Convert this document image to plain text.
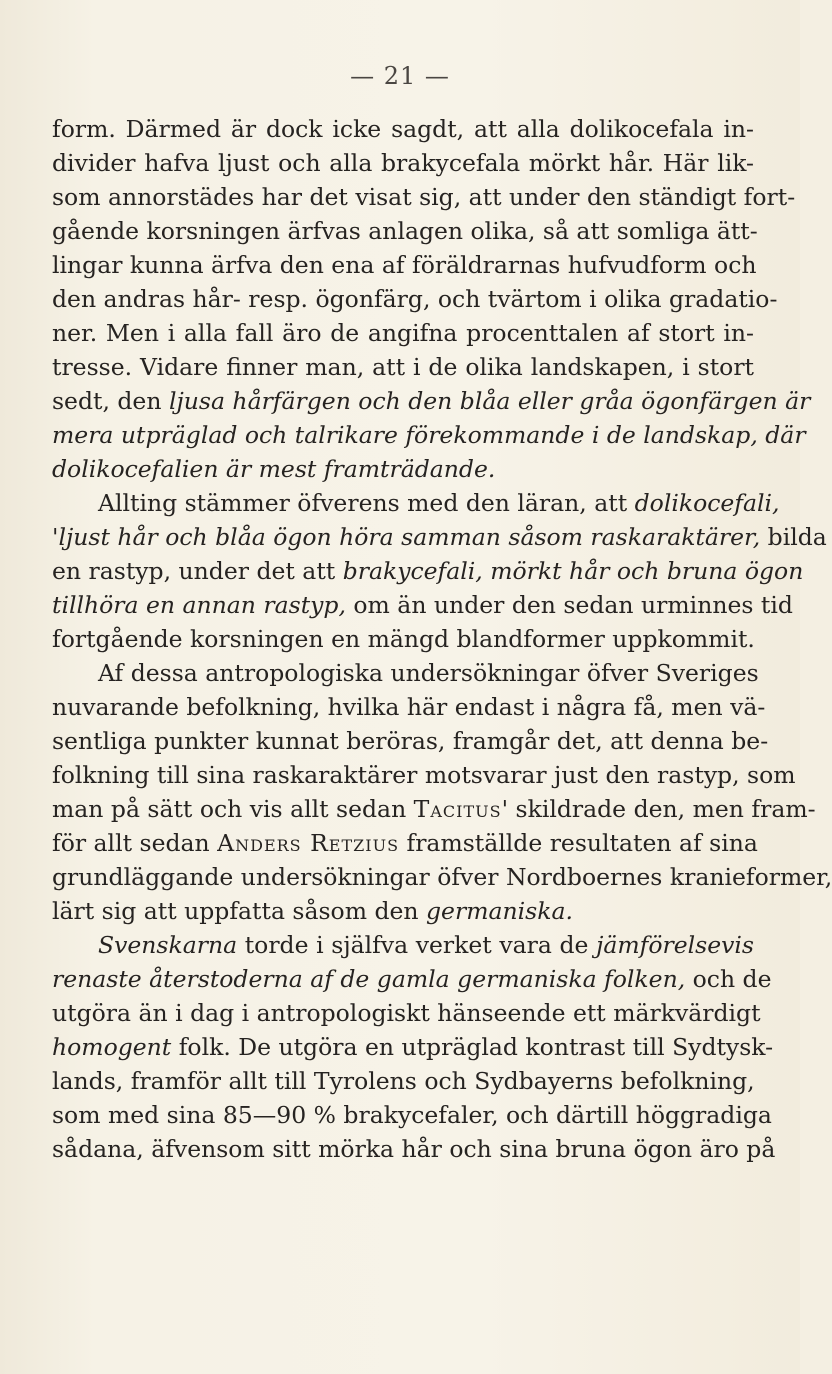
— 21 —
form. Därmed är dock icke sagdt, att alla dolikocefala in-
divider hafva ljust och alla brakycefala mörkt hår. Här lik-
som annorstädes har det visat sig, att under den ständigt fort-
gående korsningen ärfvas anlagen olika, så att somliga ätt-
lingar kunna ärfva den ena af föräldrarnas hufvudform och
den andras hår- resp. ögonfärg, och tvärtom i olika gradatio-
ner. Men i alla fall äro de angifna procenttalen af stort in-
tresse. Vidare finner man, att i de olika landskapen, i stort
sedt, den ljusa hårfärgen och den blåa eller gråa ögonfärgen är
mera utpräglad och talrikare förekommande i de landskap, där
dolikocefalien är mest framträdande.
Allting stämmer öfverens med den läran, att dolikocefali,
'ljust hår och blåa ögon höra samman såsom raskaraktärer, bilda
en rastyp, under det att brakycefali, mörkt hår och bruna ögon
tillhöra en annan rastyp, om än under den sedan urminnes tid
fortgående korsningen en mängd blandformer uppkommit.
Af dessa antropologiska undersökningar öfver Sveriges
nuvarande befolkning, hvilka här endast i några få, men vä-
sentliga punkter kunnat beröras, framgår det, att denna be-
folkning till sina raskaraktärer motsvarar just den rastyp, som
man på sätt och vis allt sedan Tacitus' skildrade den, men fram-
för allt sedan Anders Retzius framställde resultaten af sina
grundläggande undersökningar öfver Nordboernes kranieformer,
lärt sig att uppfatta såsom den germaniska.
Svenskarna torde i själfva verket vara de jämförelsevis
renaste återstoderna af de gamla germaniska folken, och de
utgöra än i dag i antropologiskt hänseende ett märkvärdigt
homogent folk. De utgöra en utpräglad kontrast till Sydtysk-
lands, framför allt till Tyrolens och Sydbayerns befolkning,
som med sina 85—90 % brakycefaler, och därtill höggradiga
sådana, äfvensom sitt mörka hår och sina bruna ögon äro på
